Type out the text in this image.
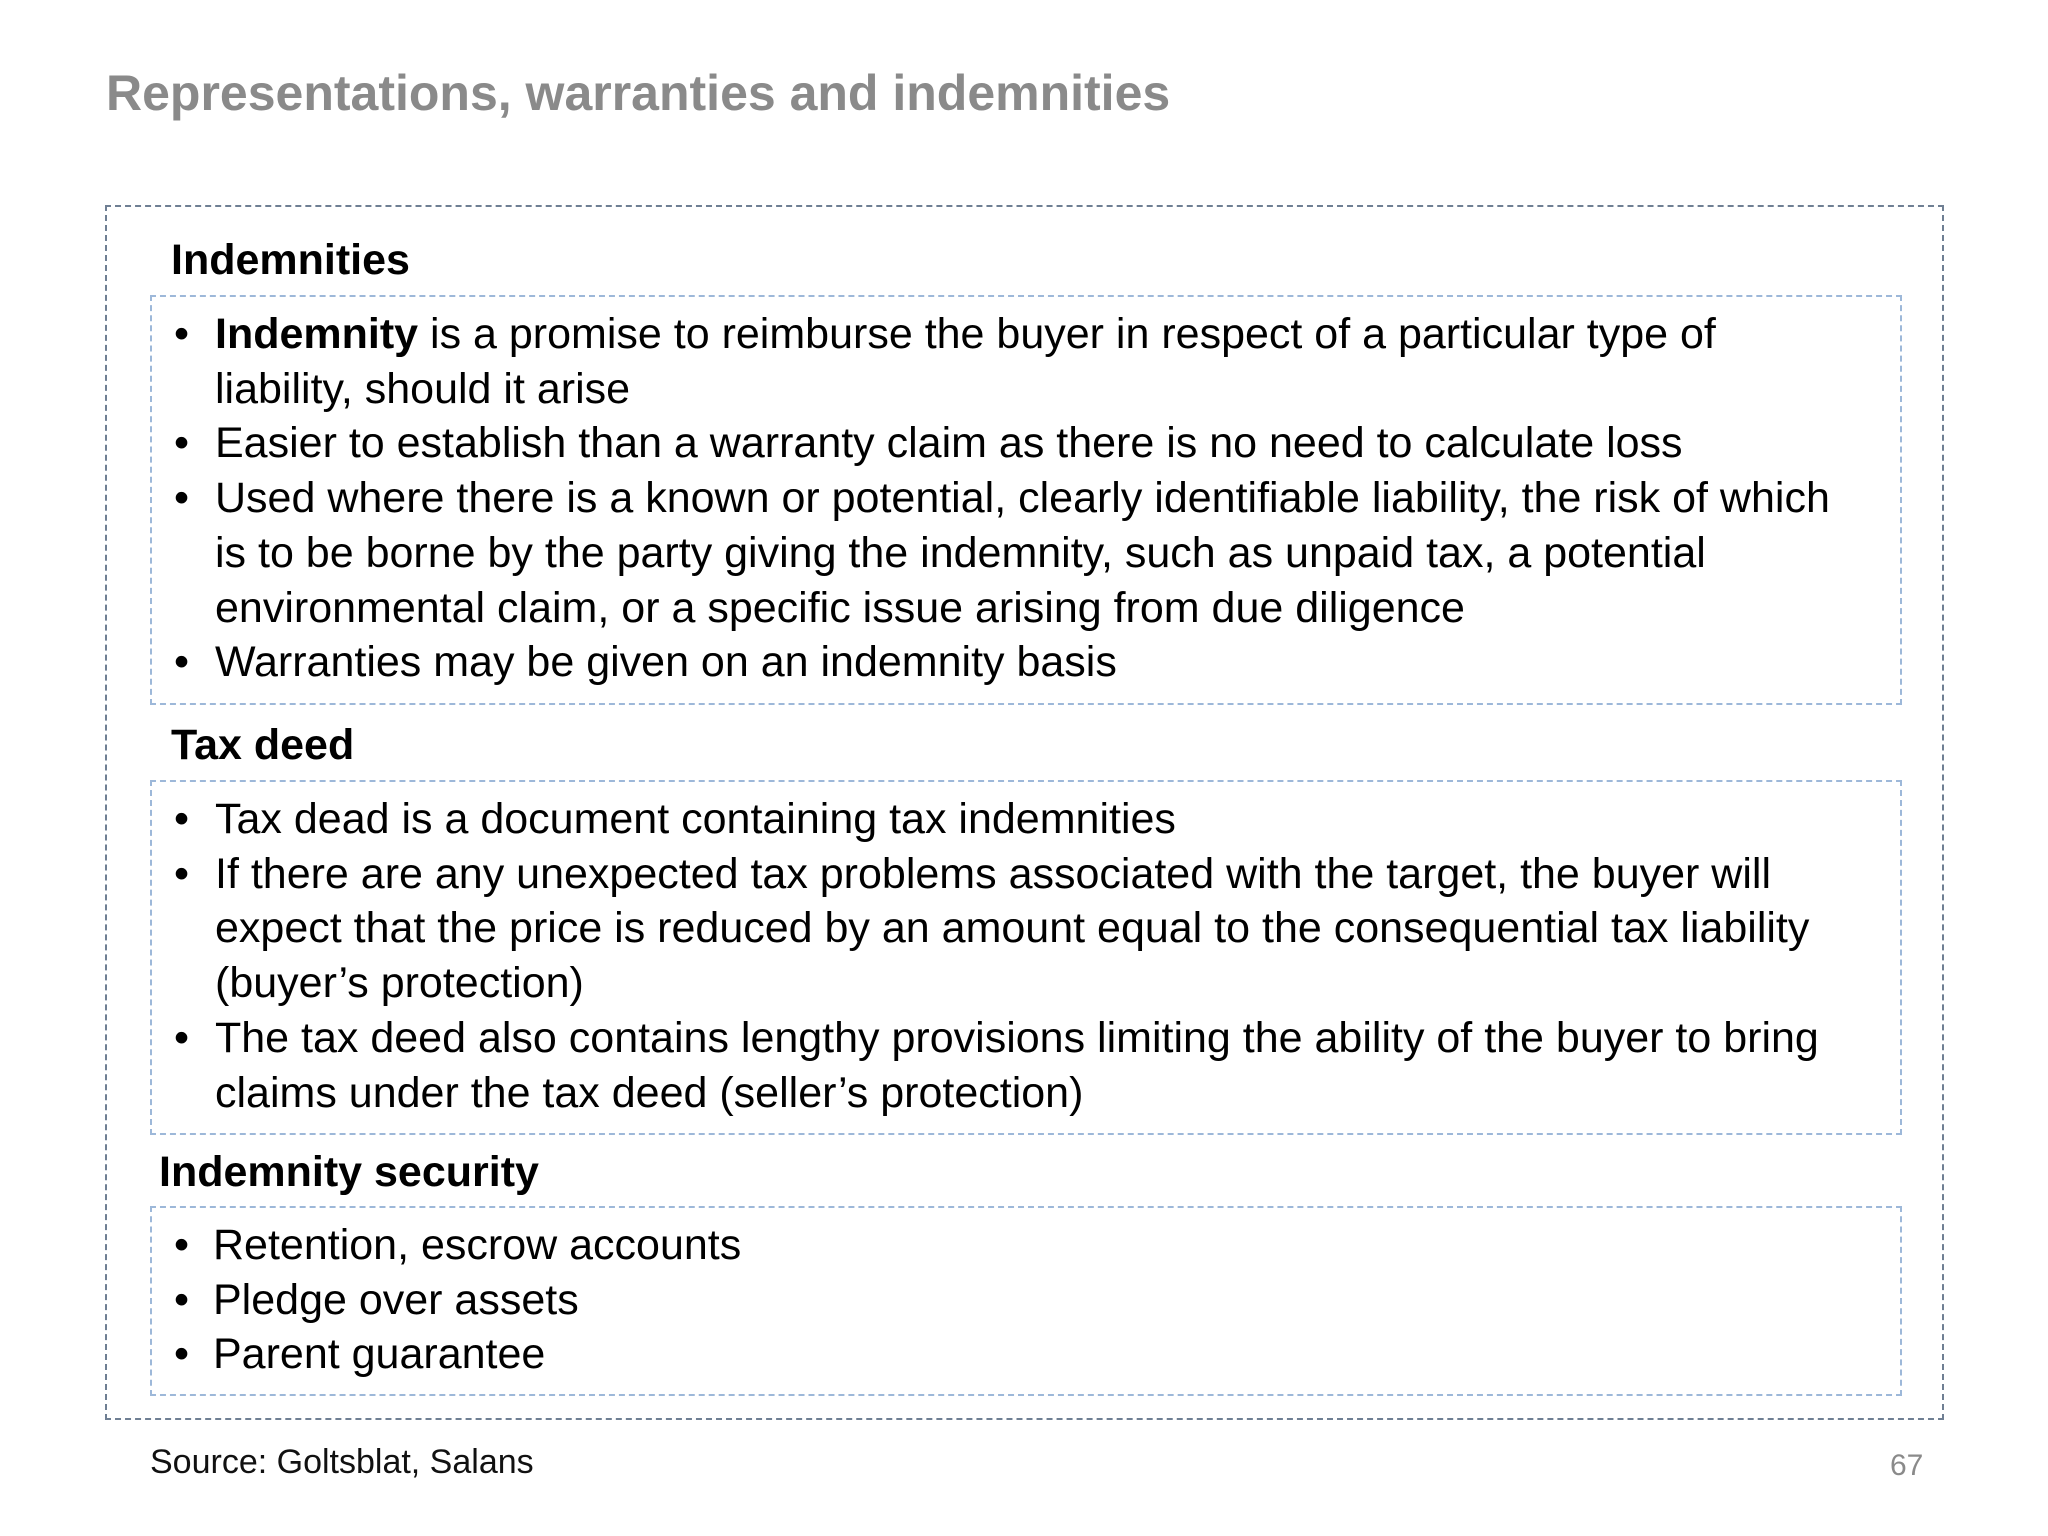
Representations, warranties and indemnities
Indemnities
• Indemnity is a promise to reimburse the buyer in respect of a particular type of liability, should it arise
• Easier to establish than a warranty claim as there is no need to calculate loss
• Used where there is a known or potential, clearly identifiable liability, the risk of which is to be borne by the party giving the indemnity, such as unpaid tax, a potential environmental claim, or a specific issue arising from due diligence
• Warranties may be given on an indemnity basis
Tax deed
• Tax dead is a document containing tax indemnities
• If there are any unexpected tax problems associated with the target, the buyer will expect that the price is reduced by an amount equal to the consequential tax liability (buyer’s protection)
• The tax deed also contains lengthy provisions limiting the ability of the buyer to bring claims under the tax deed (seller’s protection)
Indemnity security
• Retention, escrow accounts
• Pledge over assets
• Parent guarantee
Source: Goltsblat, Salans	67
